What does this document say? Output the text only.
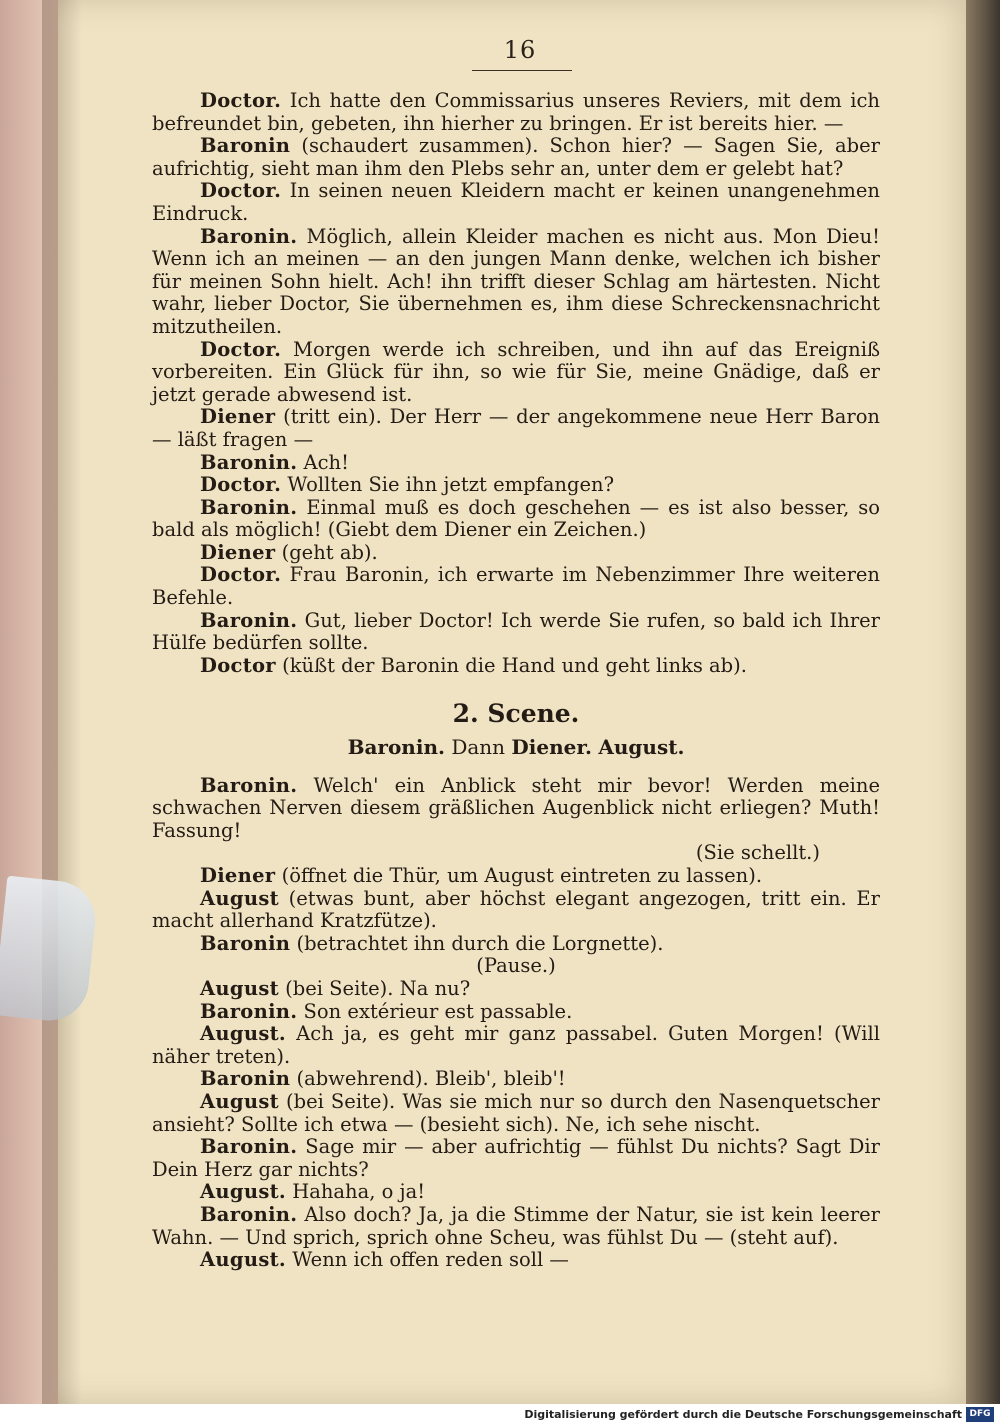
16

Doctor. Ich hatte den Commissarius unseres Reviers, mit dem ich befreundet bin, gebeten, ihn hierher zu bringen. Er ist bereits hier. —

Baronin (schaudert zusammen). Schon hier? — Sagen Sie, aber aufrichtig, sieht man ihm den Plebs sehr an, unter dem er gelebt hat?

Doctor. In seinen neuen Kleidern macht er keinen unangenehmen Eindruck.

Baronin. Möglich, allein Kleider machen es nicht aus. Mon Dieu! Wenn ich an meinen — an den jungen Mann denke, welchen ich bisher für meinen Sohn hielt. Ach! ihn trifft dieser Schlag am härtesten. Nicht wahr, lieber Doctor, Sie übernehmen es, ihm diese Schreckensnachricht mitzutheilen.

Doctor. Morgen werde ich schreiben, und ihn auf das Ereigniß vorbereiten. Ein Glück für ihn, so wie für Sie, meine Gnädige, daß er jetzt gerade abwesend ist.

Diener (tritt ein). Der Herr — der angekommene neue Herr Baron — läßt fragen —

Baronin. Ach!

Doctor. Wollten Sie ihn jetzt empfangen?

Baronin. Einmal muß es doch geschehen — es ist also besser, so bald als möglich! (Giebt dem Diener ein Zeichen.)

Diener (geht ab).

Doctor. Frau Baronin, ich erwarte im Nebenzimmer Ihre weiteren Befehle.

Baronin. Gut, lieber Doctor! Ich werde Sie rufen, so bald ich Ihrer Hülfe bedürfen sollte.

Doctor (küßt der Baronin die Hand und geht links ab).

2. Scene.
Baronin. Dann Diener. August.

Baronin. Welch' ein Anblick steht mir bevor! Werden meine schwachen Nerven diesem gräßlichen Augenblick nicht erliegen? Muth! Fassung!

(Sie schellt.)

Diener (öffnet die Thür, um August eintreten zu lassen).

August (etwas bunt, aber höchst elegant angezogen, tritt ein. Er macht allerhand Kratzfütze).

Baronin (betrachtet ihn durch die Lorgnette).

(Pause.)

August (bei Seite). Na nu?

Baronin. Son extérieur est passable.

August. Ach ja, es geht mir ganz passabel. Guten Morgen! (Will näher treten).

Baronin (abwehrend). Bleib', bleib'!

August (bei Seite). Was sie mich nur so durch den Nasenquetscher ansieht? Sollte ich etwa — (besieht sich). Ne, ich sehe nischt.

Baronin. Sage mir — aber aufrichtig — fühlst Du nichts? Sagt Dir Dein Herz gar nichts?

August. Hahaha, o ja!

Baronin. Also doch? Ja, ja die Stimme der Natur, sie ist kein leerer Wahn. — Und sprich, sprich ohne Scheu, was fühlst Du — (steht auf).

August. Wenn ich offen reden soll —

Digitalisierung gefördert durch die Deutsche Forschungsgemeinschaft DFG
